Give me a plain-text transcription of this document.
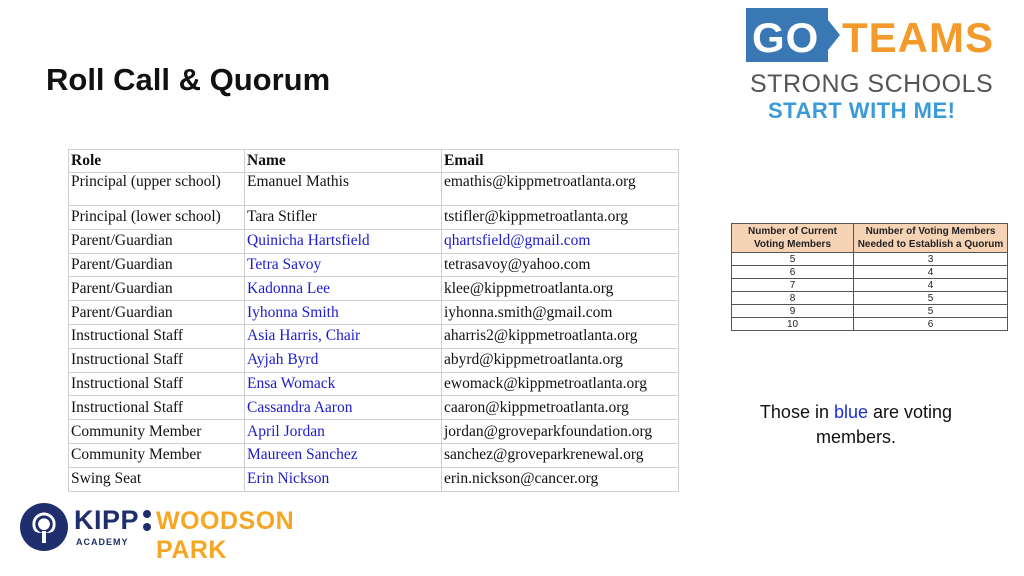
Roll Call & Quorum
GO TEAMS
STRONG SCHOOLS
START WITH ME!
Role	Name	Email
Principal (upper school)	Emanuel Mathis	emathis@kippmetroatlanta.org
Principal (lower school)	Tara Stifler	tstifler@kippmetroatlanta.org
Parent/Guardian	Quinicha Hartsfield	qhartsfield@gmail.com
Parent/Guardian	Tetra Savoy	tetrasavoy@yahoo.com
Parent/Guardian	Kadonna Lee	klee@kippmetroatlanta.org
Parent/Guardian	Iyhonna Smith	iyhonna.smith@gmail.com
Instructional Staff	Asia Harris, Chair	aharris2@kippmetroatlanta.org
Instructional Staff	Ayjah Byrd	abyrd@kippmetroatlanta.org
Instructional Staff	Ensa Womack	ewomack@kippmetroatlanta.org
Instructional Staff	Cassandra Aaron	caaron@kippmetroatlanta.org
Community Member	April Jordan	jordan@groveparkfoundation.org
Community Member	Maureen Sanchez	sanchez@groveparkrenewal.org
Swing Seat	Erin Nickson	erin.nickson@cancer.org
Number of Current Voting Members	Number of Voting Members Needed to Establish a Quorum
5	3
6	4
7	4
8	5
9	5
10	6
Those in blue are voting members.
KIPP WOODSON PARK
ACADEMY
